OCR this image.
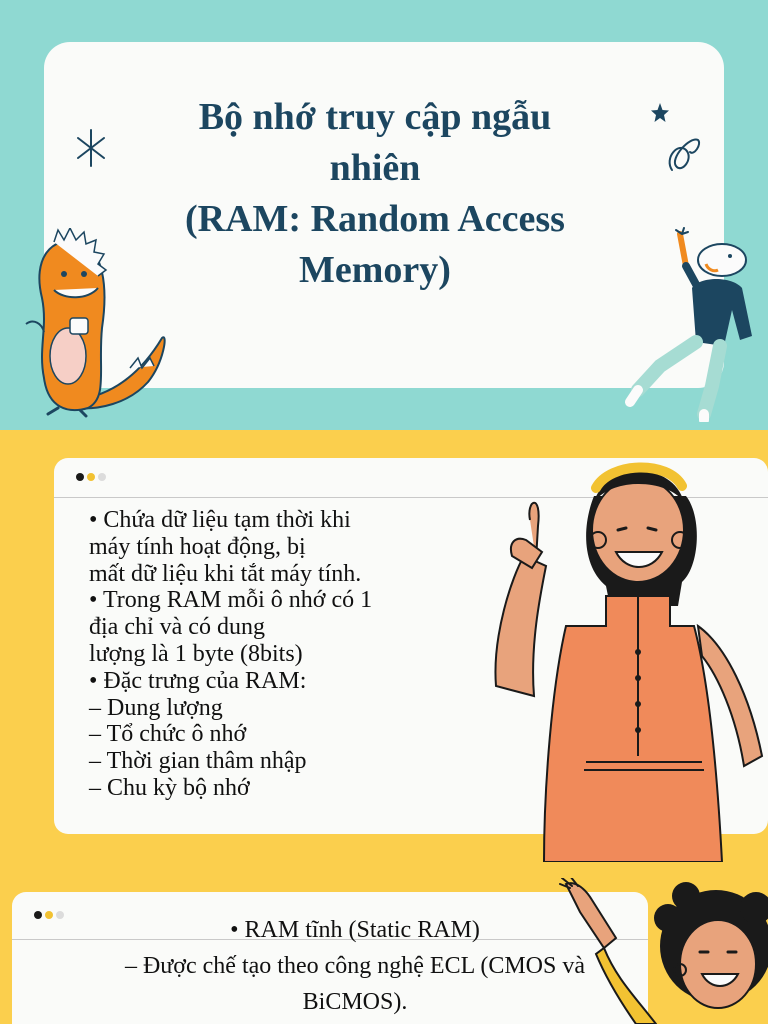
Bộ nhớ truy cập ngẫu
nhiên
(RAM: Random Access
Memory)
• Chứa dữ liệu tạm thời khi
máy tính hoạt động, bị
mất dữ liệu khi tắt máy tính.
• Trong RAM mỗi ô nhớ có 1
địa chỉ và có dung
lượng là 1 byte (8bits)
• Đặc trưng của RAM:
– Dung lượng
– Tổ chức ô nhớ
– Thời gian thâm nhập
– Chu kỳ bộ nhớ
• RAM tĩnh (Static RAM)
– Được chế tạo theo công nghệ ECL (CMOS và
BiCMOS).
